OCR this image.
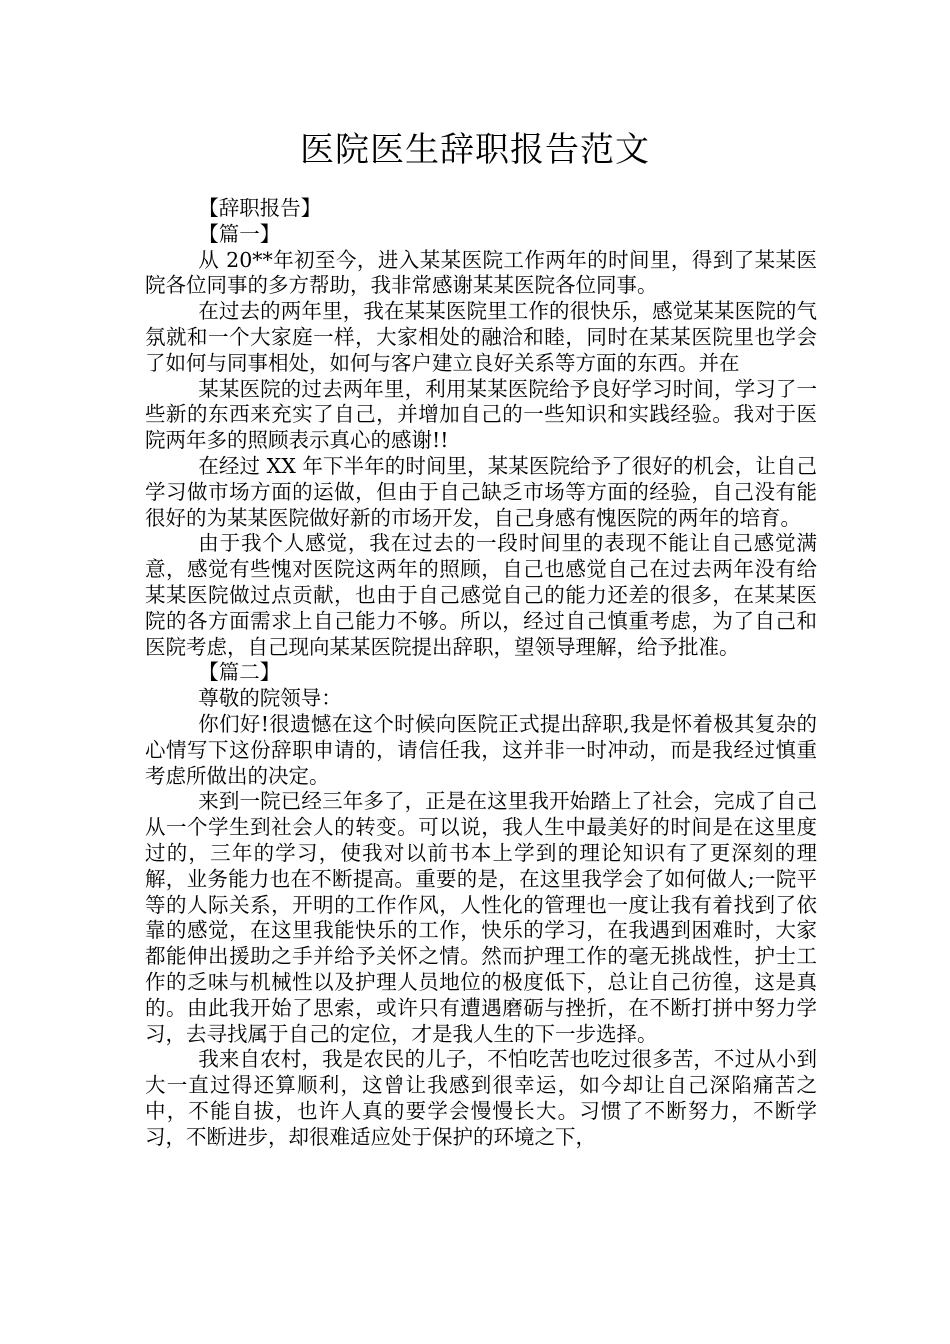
医院医生辞职报告范文

【辞职报告】

【篇一】

从 20**年初至今，进入某某医院工作两年的时间里，得到了某某医院各位同事的多方帮助，我非常感谢某某医院各位同事。

在过去的两年里，我在某某医院里工作的很快乐，感觉某某医院的气氛就和一个大家庭一样，大家相处的融洽和睦，同时在某某医院里也学会了如何与同事相处，如何与客户建立良好关系等方面的东西。并在

某某医院的过去两年里，利用某某医院给予良好学习时间，学习了一些新的东西来充实了自己，并增加自己的一些知识和实践经验。我对于医院两年多的照顾表示真心的感谢!!

在经过 XX 年下半年的时间里，某某医院给予了很好的机会，让自己学习做市场方面的运做，但由于自己缺乏市场等方面的经验，自己没有能很好的为某某医院做好新的市场开发，自己身感有愧医院的两年的培育。

由于我个人感觉，我在过去的一段时间里的表现不能让自己感觉满意，感觉有些愧对医院这两年的照顾，自己也感觉自己在过去两年没有给某某医院做过点贡献，也由于自己感觉自己的能力还差的很多，在某某医院的各方面需求上自己能力不够。所以，经过自己慎重考虑，为了自己和医院考虑，自己现向某某医院提出辞职，望领导理解，给予批准。

【篇二】

尊敬的院领导：

你们好!很遗憾在这个时候向医院正式提出辞职,我是怀着极其复杂的心情写下这份辞职申请的，请信任我，这并非一时冲动，而是我经过慎重考虑所做出的决定。

来到一院已经三年多了，正是在这里我开始踏上了社会，完成了自己从一个学生到社会人的转变。可以说，我人生中最美好的时间是在这里度过的，三年的学习，使我对以前书本上学到的理论知识有了更深刻的理解，业务能力也在不断提高。重要的是，在这里我学会了如何做人;一院平等的人际关系，开明的工作作风，人性化的管理也一度让我有着找到了依靠的感觉，在这里我能快乐的工作，快乐的学习，在我遇到困难时，大家都能伸出援助之手并给予关怀之情。然而护理工作的毫无挑战性，护士工作的乏味与机械性以及护理人员地位的极度低下，总让自己彷徨，这是真的。由此我开始了思索，或许只有遭遇磨砺与挫折，在不断打拼中努力学习，去寻找属于自己的定位，才是我人生的下一步选择。

我来自农村，我是农民的儿子，不怕吃苦也吃过很多苦，不过从小到大一直过得还算顺利，这曾让我感到很幸运，如今却让自己深陷痛苦之中，不能自拔，也许人真的要学会慢慢长大。习惯了不断努力，不断学习，不断进步，却很难适应处于保护的环境之下，
